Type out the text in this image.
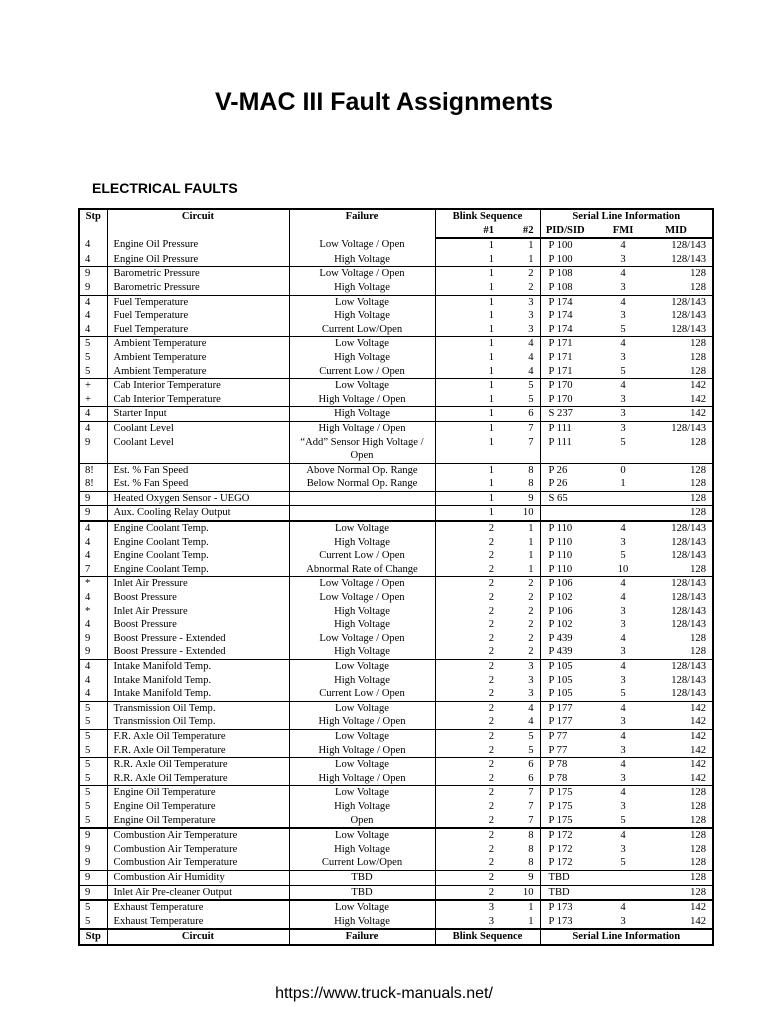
V-MAC III Fault Assignments
ELECTRICAL FAULTS
Stp	Circuit	Failure	Blink Sequence		Serial Line Information		
			#1	#2	PID/SID	FMI	MID
4	Engine Oil Pressure	Low Voltage / Open	1	1	P 100	4	128/143
4	Engine Oil Pressure	High Voltage	1	1	P 100	3	128/143
9	Barometric Pressure	Low Voltage / Open	1	2	P 108	4	128
9	Barometric Pressure	High Voltage	1	2	P 108	3	128
4	Fuel Temperature	Low Voltage	1	3	P 174	4	128/143
4	Fuel Temperature	High Voltage	1	3	P 174	3	128/143
4	Fuel Temperature	Current Low/Open	1	3	P 174	5	128/143
5	Ambient Temperature	Low Voltage	1	4	P 171	4	128
5	Ambient Temperature	High Voltage	1	4	P 171	3	128
5	Ambient Temperature	Current Low / Open	1	4	P 171	5	128
+	Cab Interior Temperature	Low Voltage	1	5	P 170	4	142
+	Cab Interior Temperature	High Voltage / Open	1	5	P 170	3	142
4	Starter Input	High Voltage	1	6	S 237	3	142
4	Coolant Level	High Voltage / Open	1	7	P 111	3	128/143
9	Coolant Level	“Add” Sensor High Voltage / Open	1	7	P 111	5	128
8!	Est. % Fan Speed	Above Normal Op. Range	1	8	P 26	0	128
8!	Est. % Fan Speed	Below Normal Op. Range	1	8	P 26	1	128
9	Heated Oxygen Sensor - UEGO		1	9	S 65		128
9	Aux. Cooling Relay Output		1	10			128
4	Engine Coolant Temp.	Low Voltage	2	1	P 110	4	128/143
4	Engine Coolant Temp.	High Voltage	2	1	P 110	3	128/143
4	Engine Coolant Temp.	Current Low / Open	2	1	P 110	5	128/143
7	Engine Coolant Temp.	Abnormal Rate of Change	2	1	P 110	10	128
*	Inlet Air Pressure	Low Voltage / Open	2	2	P 106	4	128/143
4	Boost Pressure	Low Voltage / Open	2	2	P 102	4	128/143
*	Inlet Air Pressure	High Voltage	2	2	P 106	3	128/143
4	Boost Pressure	High Voltage	2	2	P 102	3	128/143
9	Boost Pressure - Extended	Low Voltage / Open	2	2	P 439	4	128
9	Boost Pressure - Extended	High Voltage	2	2	P 439	3	128
4	Intake Manifold Temp.	Low Voltage	2	3	P 105	4	128/143
4	Intake Manifold Temp.	High Voltage	2	3	P 105	3	128/143
4	Intake Manifold Temp.	Current Low / Open	2	3	P 105	5	128/143
5	Transmission Oil Temp.	Low Voltage	2	4	P 177	4	142
5	Transmission Oil Temp.	High Voltage / Open	2	4	P 177	3	142
5	F.R. Axle Oil Temperature	Low Voltage	2	5	P 77	4	142
5	F.R. Axle Oil Temperature	High Voltage / Open	2	5	P 77	3	142
5	R.R. Axle Oil Temperature	Low Voltage	2	6	P 78	4	142
5	R.R. Axle Oil Temperature	High Voltage / Open	2	6	P 78	3	142
5	Engine Oil Temperature	Low Voltage	2	7	P 175	4	128
5	Engine Oil Temperature	High Voltage	2	7	P 175	3	128
5	Engine Oil Temperature	Open	2	7	P 175	5	128
9	Combustion Air Temperature	Low Voltage	2	8	P 172	4	128
9	Combustion Air Temperature	High Voltage	2	8	P 172	3	128
9	Combustion Air Temperature	Current Low/Open	2	8	P 172	5	128
9	Combustion Air Humidity	TBD	2	9	TBD		128
9	Inlet Air Pre-cleaner Output	TBD	2	10	TBD		128
5	Exhaust Temperature	Low Voltage	3	1	P 173	4	142
5	Exhaust Temperature	High Voltage	3	1	P 173	3	142
Stp	Circuit	Failure	Blink Sequence		Serial Line Information		
https://www.truck-manuals.net/
